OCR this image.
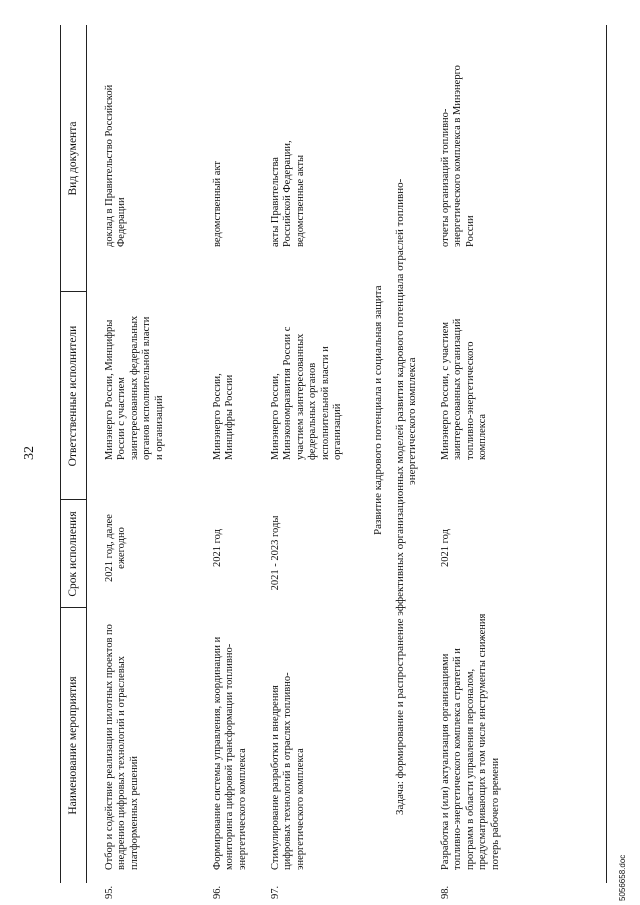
32
Наименование мероприятия
Срок исполнения
Ответственные исполнители
Вид документа
95.
Отбор и содействие реализации пилотных проектов по внедрению цифровых технологий и отраслевых платформенных решений
2021 год, далее ежегодно
Минэнерго России, Минцифры России с участием заинтересованных федеральных органов исполнительной власти и организаций
доклад в Правительство Российской Федерации
96.
Формирование системы управления, координации и мониторинга цифровой трансформации топливно-энергетического комплекса
2021 год
Минэнерго России, Минцифры России
ведомственный акт
97.
Стимулирование разработки и внедрения цифровых технологий в отраслях топливно-энергетического комплекса
2021 - 2023 годы
Минэнерго России, Минэкономразвития России с участием заинтересованных федеральных органов исполнительной власти и организаций
акты Правительства Российской Федерации, ведомственные акты
Развитие кадрового потенциала и социальная защита Задача: формирование и распространение эффективных организационных моделей развития кадрового потенциала отраслей топливно- энергетического комплекса
98.
Разработка и (или) актуализация организациями топливно-энергетического комплекса стратегий и программ в области управления персоналом, предусматривающих в том числе инструменты снижения потерь рабочего времени
2021 год
Минэнерго России, с участием заинтересованных организаций топливно-энергетического комплекса
отчеты организаций топливно-энергетического комплекса в Минэнерго России
5056658.doc
